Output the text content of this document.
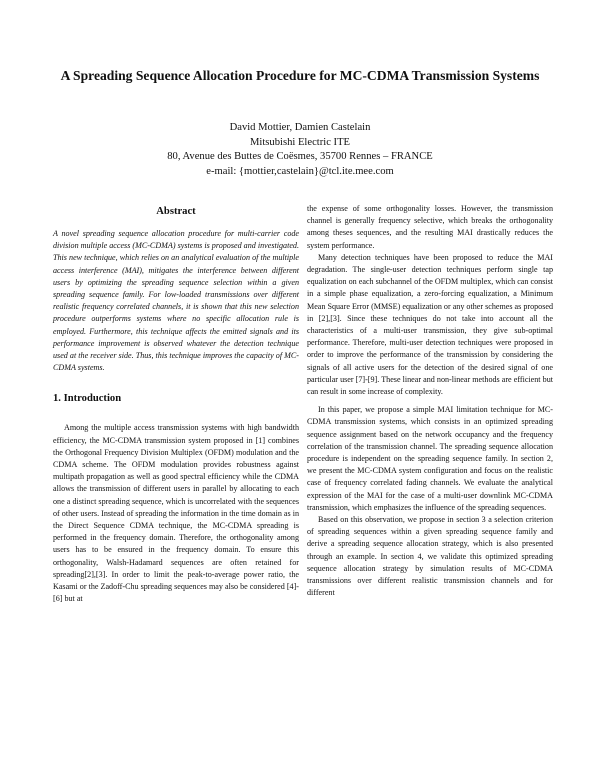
A Spreading Sequence Allocation Procedure for MC-CDMA Transmission Systems
David Mottier, Damien Castelain
Mitsubishi Electric ITE
80, Avenue des Buttes de Coësmes, 35700 Rennes – FRANCE
e-mail: {mottier,castelain}@tcl.ite.mee.com
Abstract

A novel spreading sequence allocation procedure for multi-carrier code division multiple access (MC-CDMA) systems is proposed and investigated. This new technique, which relies on an analytical evaluation of the multiple access interference (MAI), mitigates the interference between different users by optimizing the spreading sequence selection within a given spreading sequence family. For low-loaded transmissions over different realistic frequency correlated channels, it is shown that this new selection procedure outperforms systems where no specific allocation rule is employed. Furthermore, this technique affects the emitted signals and its performance improvement is observed whatever the detection technique used at the receiver side. Thus, this technique improves the capacity of MC-CDMA systems.

1. Introduction

Among the multiple access transmission systems with high bandwidth efficiency, the MC-CDMA transmission system proposed in [1] combines the Orthogonal Frequency Division Multiplex (OFDM) modulation and the CDMA scheme. The OFDM modulation provides robustness against multipath propagation as well as good spectral efficiency while the CDMA allows the transmission of different users in parallel by allocating to each one a distinct spreading sequence, which is uncorrelated with the sequences of other users. Instead of spreading the information in the time domain as in the Direct Sequence CDMA technique, the MC-CDMA spreading is performed in the frequency domain. Therefore, the orthogonality among users has to be ensured in the frequency domain. To ensure this orthogonality, Walsh-Hadamard sequences are often retained for spreading[2],[3]. In order to limit the peak-to-average power ratio, the Kasami or the Zadoff-Chu spreading sequences may also be considered [4]-[6] but at

the expense of some orthogonality losses. However, the transmission channel is generally frequency selective, which breaks the orthogonality among theses sequences, and the resulting MAI drastically reduces the system performance.

Many detection techniques have been proposed to reduce the MAI degradation. The single-user detection techniques perform single tap equalization on each subchannel of the OFDM multiplex, which can consist in a simple phase equalization, a zero-forcing equalization, a Minimum Mean Square Error (MMSE) equalization or any other schemes as proposed in [2],[3]. Since these techniques do not take into account all the characteristics of a multi-user transmission, they give sub-optimal performance. Therefore, multi-user detection techniques were proposed in order to improve the performance of the transmission by considering the signals of all active users for the detection of the desired signal of one particular user [7]-[9]. These linear and non-linear methods are efficient but can result in some increase of complexity.

In this paper, we propose a simple MAI limitation technique for MC-CDMA transmission systems, which consists in an optimized spreading sequence assignment based on the network occupancy and the frequency correlation of the transmission channel. The spreading sequence allocation procedure is independent on the spreading sequence family. In section 2, we present the MC-CDMA system configuration and focus on the realistic case of frequency correlated fading channels. We evaluate the analytical expression of the MAI for the case of a multi-user downlink MC-CDMA transmission, which emphasizes the influence of the spreading sequences.

Based on this observation, we propose in section 3 a selection criterion of spreading sequences within a given spreading sequence family and derive a spreading sequence allocation strategy, which is also presented through an example. In section 4, we validate this optimized spreading sequence allocation strategy by simulation results of MC-CDMA transmissions over different realistic transmission channels and for different
